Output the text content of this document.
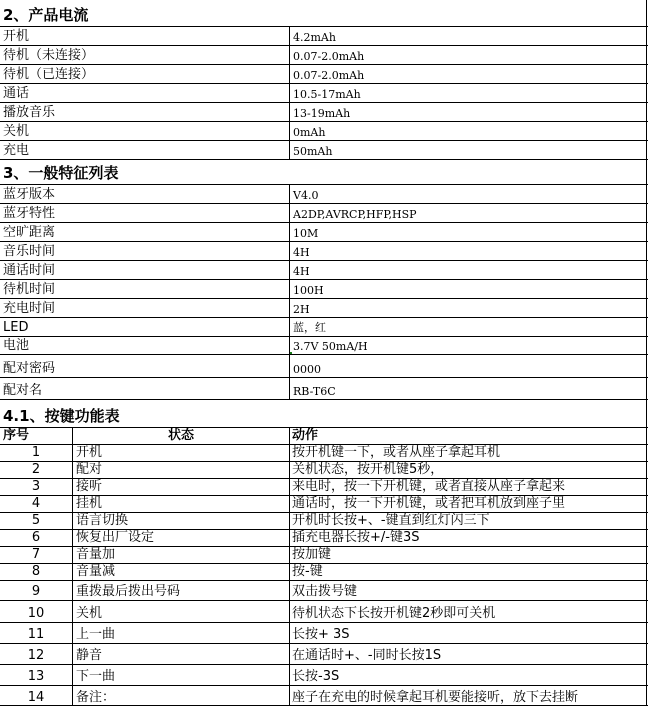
2、产品电流
开机	4.2mAh
待机（未连接）	0.07-2.0mAh
待机（已连接）	0.07-2.0mAh
通话	10.5-17mAh
播放音乐	13-19mAh
关机	0mAh
充电	50mAh
3、一般特征列表
蓝牙版本	V4.0
蓝牙特性	A2DP,AVRCP,HFP,HSP
空旷距离	10M
音乐时间	4H
通话时间	4H
待机时间	100H
充电时间	2H
LED	蓝，红
电池	3.7V 50mA/H
配对密码	0000
配对名	RB-T6C
4.1、按键功能表
序号	状态	动作
1	开机	按开机键一下，或者从座子拿起耳机
2	配对	关机状态，按开机键5秒，
3	接听	来电时，按一下开机键，或者直接从座子拿起来
4	挂机	通话时，按一下开机键，或者把耳机放到座子里
5	语言切换	开机时长按+、-键直到红灯闪三下
6	恢复出厂设定	插充电器长按+/-键3S
7	音量加	按加键
8	音量减	按-键
9	重拨最后拨出号码	双击拨号键
10	关机	待机状态下长按开机键2秒即可关机
11	上一曲	长按+ 3S
12	静音	在通话时+、-同时长按1S
13	下一曲	长按-3S
14	备注：	座子在充电的时候拿起耳机要能接听，放下去挂断
